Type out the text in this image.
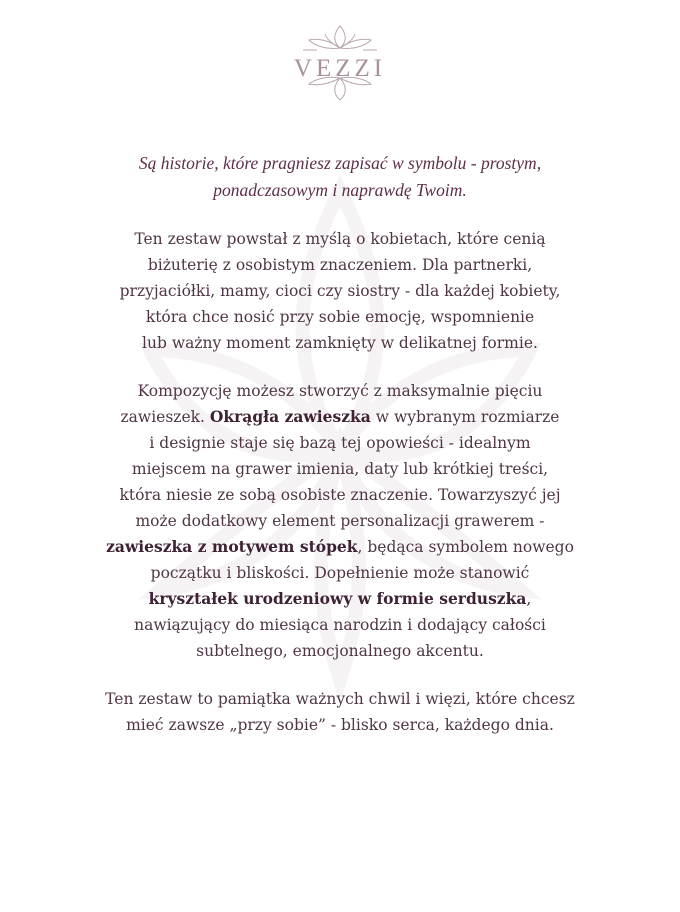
VEZZI

Są historie, które pragniesz zapisać w symbolu - prostym,
ponadczasowym i naprawdę Twoim.

Ten zestaw powstał z myślą o kobietach, które cenią
biżuterię z osobistym znaczeniem. Dla partnerki,
przyjaciółki, mamy, cioci czy siostry - dla każdej kobiety,
która chce nosić przy sobie emocję, wspomnienie
lub ważny moment zamknięty w delikatnej formie.

Kompozycję możesz stworzyć z maksymalnie pięciu
zawieszek. Okrągła zawieszka w wybranym rozmiarze
i designie staje się bazą tej opowieści - idealnym
miejscem na grawer imienia, daty lub krótkiej treści,
która niesie ze sobą osobiste znaczenie. Towarzyszyć jej
może dodatkowy element personalizacji grawerem -
zawieszka z motywem stópek, będąca symbolem nowego
początku i bliskości. Dopełnienie może stanowić
kryształek urodzeniowy w formie serduszka,
nawiązujący do miesiąca narodzin i dodający całości
subtelnego, emocjonalnego akcentu.

Ten zestaw to pamiątka ważnych chwil i więzi, które chcesz
mieć zawsze „przy sobie” - blisko serca, każdego dnia.
